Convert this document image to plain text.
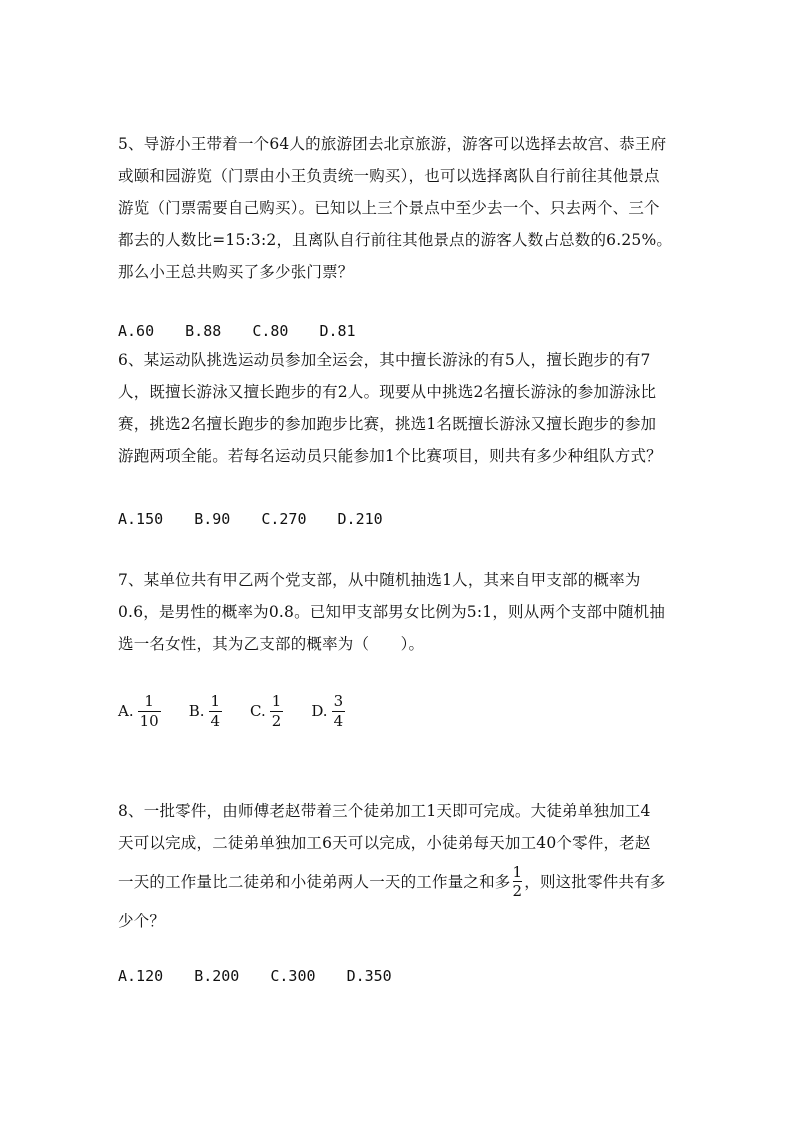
5、导游小王带着一个64人的旅游团去北京旅游，游客可以选择去故宫、恭王府
或颐和园游览（门票由小王负责统一购买），也可以选择离队自行前往其他景点
游览（门票需要自己购买）。已知以上三个景点中至少去一个、只去两个、三个
都去的人数比=15:3:2，且离队自行前往其他景点的游客人数占总数的6.25%。
那么小王总共购买了多少张门票？
A.60 B.88 C.80 D.81
6、某运动队挑选运动员参加全运会，其中擅长游泳的有5人，擅长跑步的有7
人，既擅长游泳又擅长跑步的有2人。现要从中挑选2名擅长游泳的参加游泳比
赛，挑选2名擅长跑步的参加跑步比赛，挑选1名既擅长游泳又擅长跑步的参加
游跑两项全能。若每名运动员只能参加1个比赛项目，则共有多少种组队方式？
A.150 B.90 C.270 D.210
7、某单位共有甲乙两个党支部，从中随机抽选1人，其来自甲支部的概率为
0.6，是男性的概率为0.8。已知甲支部男女比例为5:1，则从两个支部中随机抽
选一名女性，其为乙支部的概率为（　　）。
A. $\frac{1}{10} B$. $\frac{1}{4} C$. $\frac{1}{2} D$. $\frac{3}{4}$
8、一批零件，由师傅老赵带着三个徒弟加工1天即可完成。大徒弟单独加工4
天可以完成，二徒弟单独加工6天可以完成，小徒弟每天加工40个零件，老赵
一天的工作量比二徒弟和小徒弟两人一天的工作量之和多 $\frac{1}{2}$ ，则这批零件共有多
少个？
A.120 B.200 C.300 D.350
